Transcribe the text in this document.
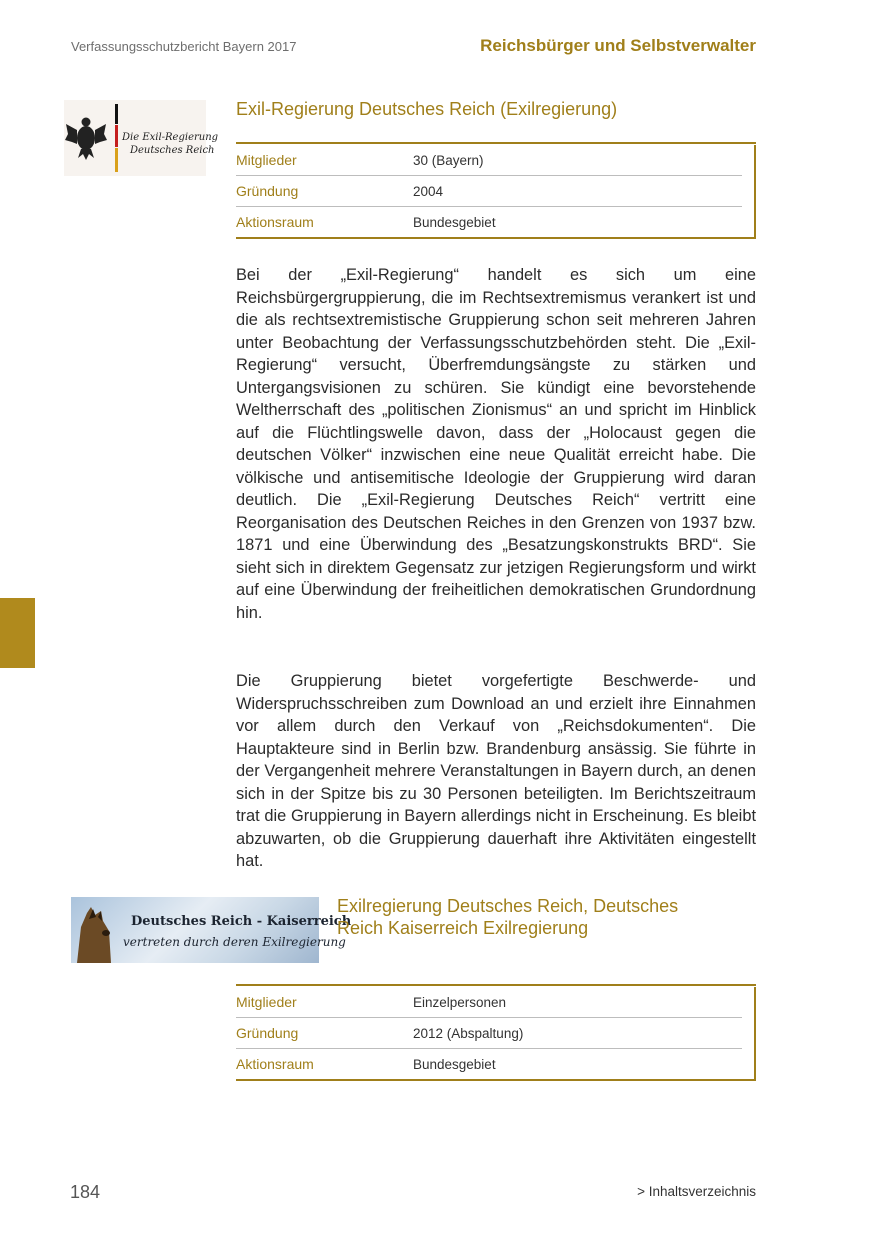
Verfassungsschutzbericht Bayern 2017	Reichsbürger und Selbstverwalter
Die Exil-Regierung
Deutsches Reich
Exil-Regierung Deutsches Reich (Exilregierung)
Mitglieder	30 (Bayern)
Gründung	2004
Aktionsraum	Bundesgebiet

Bei der „Exil-Regierung“ handelt es sich um eine Reichsbürgergruppierung, die im Rechtsextremismus verankert ist und die als rechtsextremistische Gruppierung schon seit mehreren Jahren unter Beobachtung der Verfassungsschutzbehörden steht. Die „Exil-Regierung“ versucht, Überfremdungsängste zu stärken und Untergangsvisionen zu schüren. Sie kündigt eine bevorstehende Weltherrschaft des „politischen Zionismus“ an und spricht im Hinblick auf die Flüchtlingswelle davon, dass der „Holocaust gegen die deutschen Völker“ inzwischen eine neue Qualität erreicht habe. Die völkische und antisemitische Ideologie der Gruppierung wird daran deutlich. Die „Exil-Regierung Deutsches Reich“ vertritt eine Reorganisation des Deutschen Reiches in den Grenzen von 1937 bzw. 1871 und eine Überwindung des „Besatzungskonstrukts BRD“. Sie sieht sich in direktem Gegensatz zur jetzigen Regierungsform und wirkt auf eine Überwindung der freiheitlichen demokratischen Grundordnung hin.

Die Gruppierung bietet vorgefertigte Beschwerde- und Widerspruchsschreiben zum Download an und erzielt ihre Einnahmen vor allem durch den Verkauf von „Reichsdokumenten“. Die Hauptakteure sind in Berlin bzw. Brandenburg ansässig. Sie führte in der Vergangenheit mehrere Veranstaltungen in Bayern durch, an denen sich in der Spitze bis zu 30 Personen beteiligten. Im Berichtszeitraum trat die Gruppierung in Bayern allerdings nicht in Erscheinung. Es bleibt abzuwarten, ob die Gruppierung dauerhaft ihre Aktivitäten eingestellt hat.

Deutsches Reich - Kaiserreich
vertreten durch deren Exilregierung
Exilregierung Deutsches Reich, Deutsches
Reich Kaiserreich Exilregierung
Mitglieder	Einzelpersonen
Gründung	2012 (Abspaltung)
Aktionsraum	Bundesgebiet
184	> Inhaltsverzeichnis
